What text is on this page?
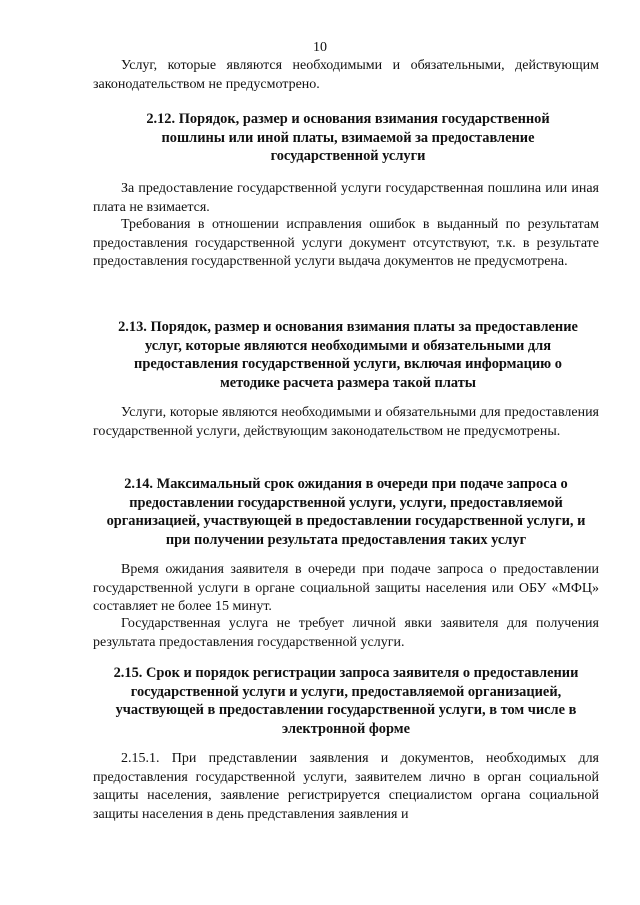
10
Услуг, которые являются необходимыми и обязательными, действующим законодательством не предусмотрено.
2.12. Порядок, размер и основания взимания государственной пошлины или иной платы, взимаемой за предоставление государственной услуги
За предоставление государственной услуги государственная пошлина или иная плата не взимается.
Требования в отношении исправления ошибок в выданный по результатам предоставления государственной услуги документ отсутствуют, т.к. в результате предоставления государственной услуги выдача документов не предусмотрена.
2.13. Порядок, размер и основания взимания платы за предоставление услуг, которые являются необходимыми и обязательными для предоставления государственной услуги, включая информацию о методике расчета размера такой платы
Услуги, которые являются необходимыми и обязательными для предоставления государственной услуги, действующим законодательством не предусмотрены.
2.14. Максимальный срок ожидания в очереди при подаче запроса о предоставлении государственной услуги, услуги, предоставляемой организацией, участвующей в предоставлении государственной услуги, и при получении результата предоставления таких услуг
Время ожидания заявителя в очереди при подаче запроса о предоставлении государственной услуги в органе социальной защиты населения или ОБУ «МФЦ» составляет не более 15 минут.
Государственная услуга не требует личной явки заявителя для получения результата предоставления государственной услуги.
2.15. Срок и порядок регистрации запроса заявителя о предоставлении государственной услуги и услуги, предоставляемой организацией, участвующей в предоставлении государственной услуги, в том числе в электронной форме
2.15.1. При представлении заявления и документов, необходимых для предоставления государственной услуги, заявителем лично в орган социальной защиты населения, заявление регистрируется специалистом органа социальной защиты населения в день представления заявления и
